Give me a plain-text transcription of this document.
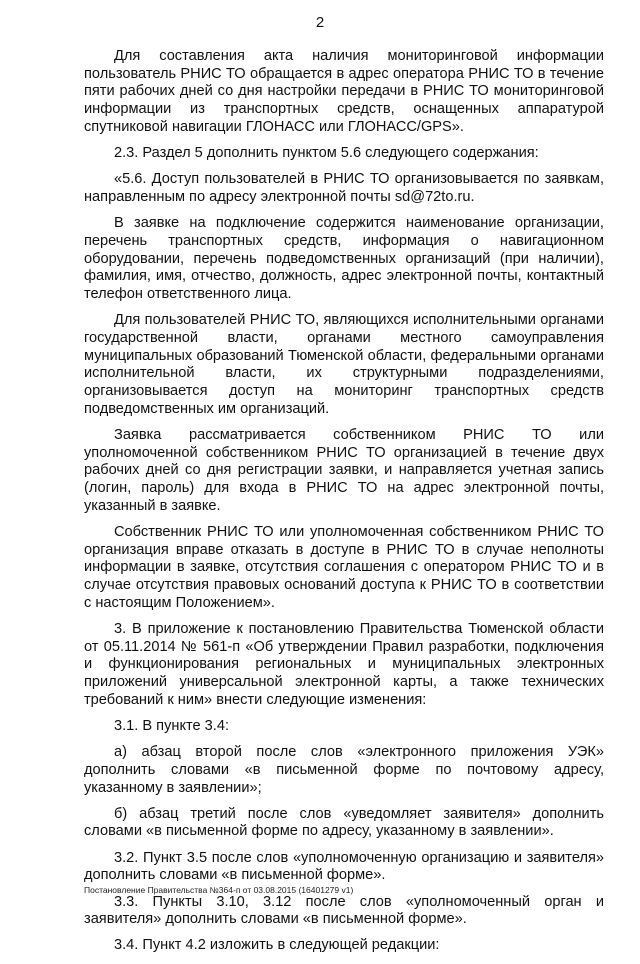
2

Для составления акта наличия мониторинговой информации пользователь РНИС ТО обращается в адрес оператора РНИС ТО в течение пяти рабочих дней со дня настройки передачи в РНИС ТО мониторинговой информации из транспортных средств, оснащенных аппаратурой спутниковой навигации ГЛОНАСС или ГЛОНАСС/GPS».

2.3. Раздел 5 дополнить пунктом 5.6 следующего содержания:

«5.6. Доступ пользователей в РНИС ТО организовывается по заявкам, направленным по адресу электронной почты sd@72to.ru.

В заявке на подключение содержится наименование организации, перечень транспортных средств, информация о навигационном оборудовании, перечень подведомственных организаций (при наличии), фамилия, имя, отчество, должность, адрес электронной почты, контактный телефон ответственного лица.

Для пользователей РНИС ТО, являющихся исполнительными органами государственной власти, органами местного самоуправления муниципальных образований Тюменской области, федеральными органами исполнительной власти, их структурными подразделениями, организовывается доступ на мониторинг транспортных средств подведомственных им организаций.

Заявка рассматривается собственником РНИС ТО или уполномоченной собственником РНИС ТО организацией в течение двух рабочих дней со дня регистрации заявки, и направляется учетная запись (логин, пароль) для входа в РНИС ТО на адрес электронной почты, указанный в заявке.

Собственник РНИС ТО или уполномоченная собственником РНИС ТО организация вправе отказать в доступе в РНИС ТО в случае неполноты информации в заявке, отсутствия соглашения с оператором РНИС ТО и в случае отсутствия правовых оснований доступа к РНИС ТО в соответствии с настоящим Положением».

3. В приложение к постановлению Правительства Тюменской области от 05.11.2014 № 561-п «Об утверждении Правил разработки, подключения и функционирования региональных и муниципальных электронных приложений универсальной электронной карты, а также технических требований к ним» внести следующие изменения:

3.1. В пункте 3.4:

а) абзац второй после слов «электронного приложения УЭК» дополнить словами «в письменной форме по почтовому адресу, указанному в заявлении»;

б) абзац третий после слов «уведомляет заявителя» дополнить словами «в письменной форме по адресу, указанному в заявлении».

3.2. Пункт 3.5 после слов «уполномоченную организацию и заявителя» дополнить словами «в письменной форме».

3.3. Пункты 3.10, 3.12 после слов «уполномоченный орган и заявителя» дополнить словами «в письменной форме».

3.4. Пункт 4.2 изложить в следующей редакции:

Постановление Правительства №364-п от 03.08.2015 (16401279 v1)
